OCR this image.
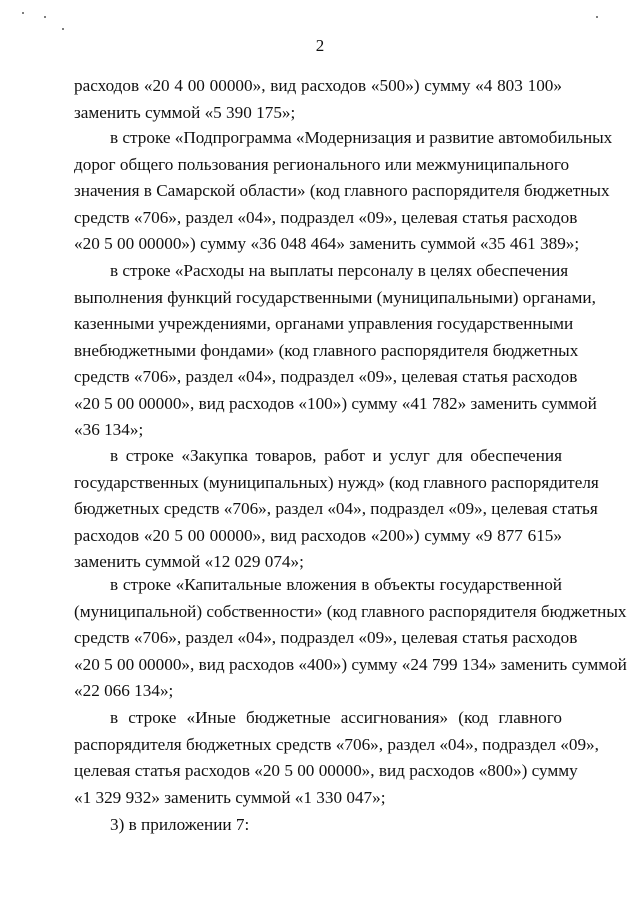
2
расходов «20 4 00 00000», вид расходов «500») сумму «4 803 100»
заменить суммой «5 390 175»;
в строке «Подпрограмма «Модернизация и развитие автомобильных
дорог общего пользования регионального или межмуниципального
значения в Самарской области» (код главного распорядителя бюджетных
средств «706», раздел «04», подраздел «09», целевая статья расходов
«20 5 00 00000») сумму «36 048 464» заменить суммой «35 461 389»;
в строке «Расходы на выплаты персоналу в целях обеспечения
выполнения функций государственными (муниципальными) органами,
казенными учреждениями, органами управления государственными
внебюджетными фондами» (код главного распорядителя бюджетных
средств «706», раздел «04», подраздел «09», целевая статья расходов
«20 5 00 00000», вид расходов «100») сумму «41 782» заменить суммой
«36 134»;
в строке «Закупка товаров, работ и услуг для обеспечения
государственных (муниципальных) нужд» (код главного распорядителя
бюджетных средств «706», раздел «04», подраздел «09», целевая статья
расходов «20 5 00 00000», вид расходов «200») сумму «9 877 615»
заменить суммой «12 029 074»;
в строке «Капитальные вложения в объекты государственной
(муниципальной) собственности» (код главного распорядителя бюджетных
средств «706», раздел «04», подраздел «09», целевая статья расходов
«20 5 00 00000», вид расходов «400») сумму «24 799 134» заменить суммой
«22 066 134»;
в строке «Иные бюджетные ассигнования» (код главного
распорядителя бюджетных средств «706», раздел «04», подраздел «09»,
целевая статья расходов «20 5 00 00000», вид расходов «800») сумму
«1 329 932» заменить суммой «1 330 047»;
3) в приложении 7:
